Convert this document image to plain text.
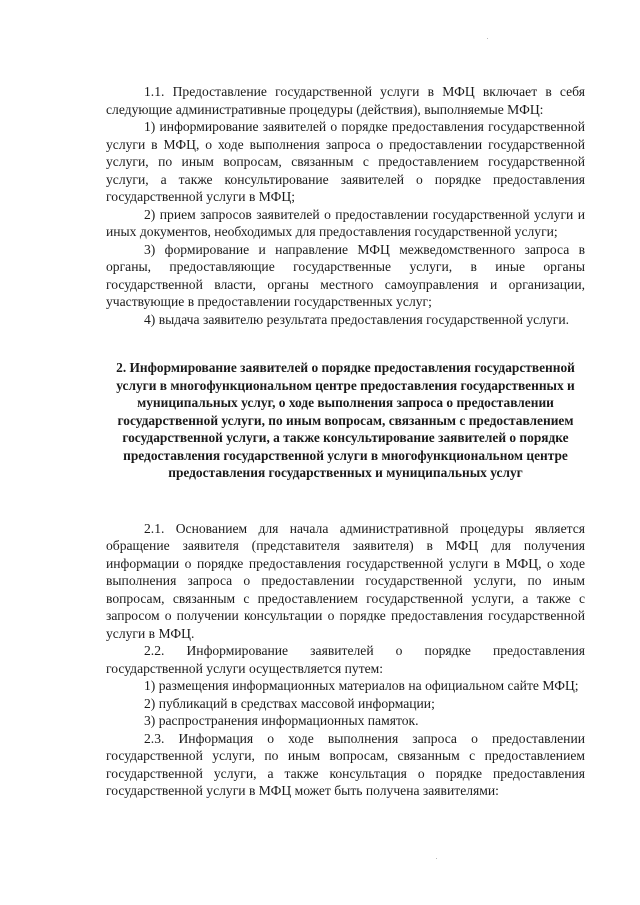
1.1. Предоставление государственной услуги в МФЦ включает в себя следующие административные процедуры (действия), выполняемые МФЦ:

1) информирование заявителей о порядке предоставления государственной услуги в МФЦ, о ходе выполнения запроса о предоставлении государственной услуги, по иным вопросам, связанным с предоставлением государственной услуги, а также консультирование заявителей о порядке предоставления государственной услуги в МФЦ;

2) прием запросов заявителей о предоставлении государственной услуги и иных документов, необходимых для предоставления государственной услуги;

3) формирование и направление МФЦ межведомственного запроса в органы, предоставляющие государственные услуги, в иные органы государственной власти, органы местного самоуправления и организации, участвующие в предоставлении государственных услуг;

4) выдача заявителю результата предоставления государственной услуги.

2. Информирование заявителей о порядке предоставления государственной услуги в многофункциональном центре предоставления государственных и муниципальных услуг, о ходе выполнения запроса о предоставлении государственной услуги, по иным вопросам, связанным с предоставлением государственной услуги, а также консультирование заявителей о порядке предоставления государственной услуги в многофункциональном центре предоставления государственных и муниципальных услуг

2.1. Основанием для начала административной процедуры является обращение заявителя (представителя заявителя) в МФЦ для получения информации о порядке предоставления государственной услуги в МФЦ, о ходе выполнения запроса о предоставлении государственной услуги, по иным вопросам, связанным с предоставлением государственной услуги, а также с запросом о получении консультации о порядке предоставления государственной услуги в МФЦ.

2.2. Информирование заявителей о порядке предоставления государственной услуги осуществляется путем:

1) размещения информационных материалов на официальном сайте МФЦ;

2) публикаций в средствах массовой информации;

3) распространения информационных памяток.

2.3. Информация о ходе выполнения запроса о предоставлении государственной услуги, по иным вопросам, связанным с предоставлением государственной услуги, а также консультация о порядке предоставления государственной услуги в МФЦ может быть получена заявителями:
